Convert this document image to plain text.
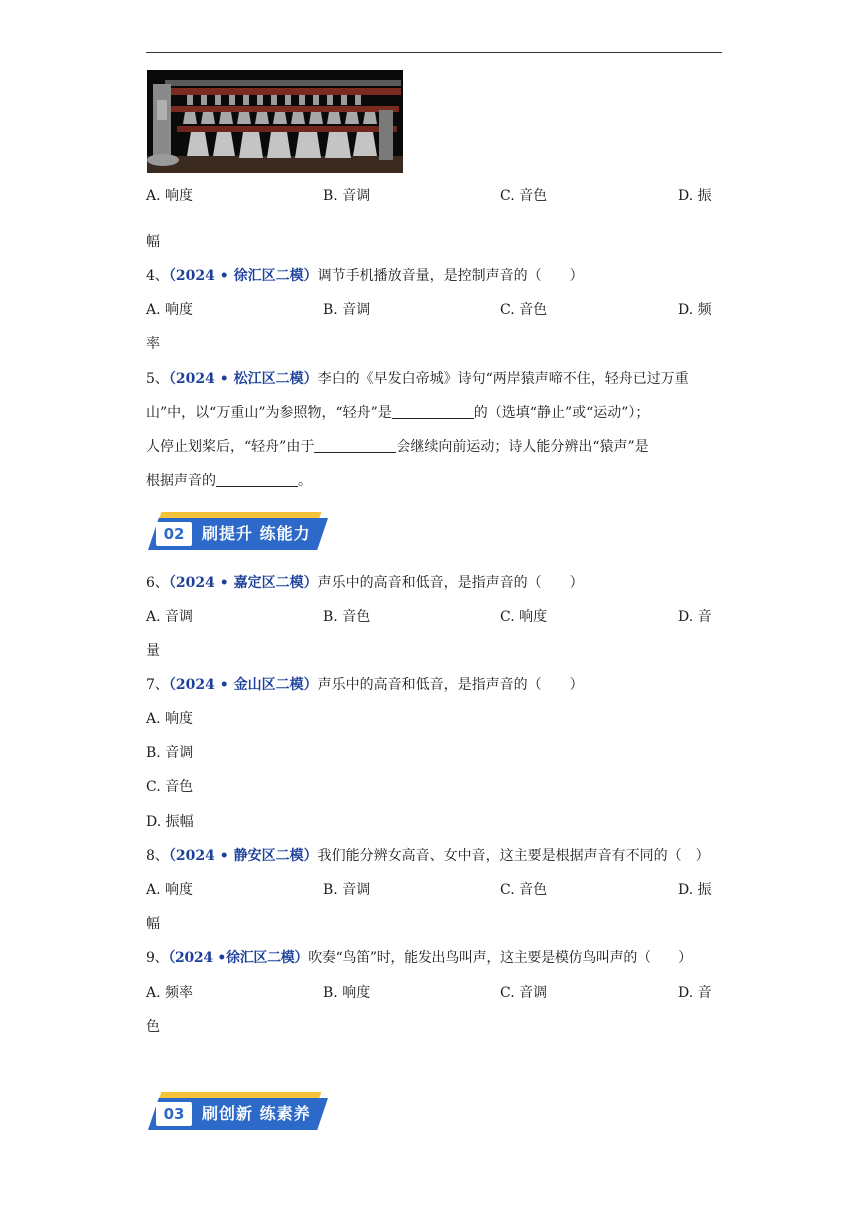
A. 响度	B. 音调	C. 音色	D. 振
幅
4、（2024 • 徐汇区二模）调节手机播放音量，是控制声音的（　　）
A. 响度	B. 音调	C. 音色	D. 频
率
5、（2024 • 松江区二模）李白的《早发白帝城》诗句“两岸猿声啼不住，轻舟已过万重
山”中，以“万重山”为参照物，“轻舟”是	的（选填“静止”或“运动”）；
人停止划桨后，“轻舟”由于	会继续向前运动；诗人能分辨出“猿声”是
根据声音的	。
02	刷提升 练能力
6、（2024 • 嘉定区二模）声乐中的高音和低音，是指声音的（　　）
A. 音调	B. 音色	C. 响度	D. 音
量
7、（2024 • 金山区二模）声乐中的高音和低音，是指声音的（　　）
A. 响度
B. 音调
C. 音色
D. 振幅
8、（2024 • 静安区二模）我们能分辨女高音、女中音，这主要是根据声音有不同的（　）
A. 响度	B. 音调	C. 音色	D. 振
幅
9、（2024 •徐汇区二模）吹奏“鸟笛”时，能发出鸟叫声，这主要是模仿鸟叫声的（　　）
A. 频率	B. 响度	C. 音调	D. 音
色
03	刷创新 练素养
